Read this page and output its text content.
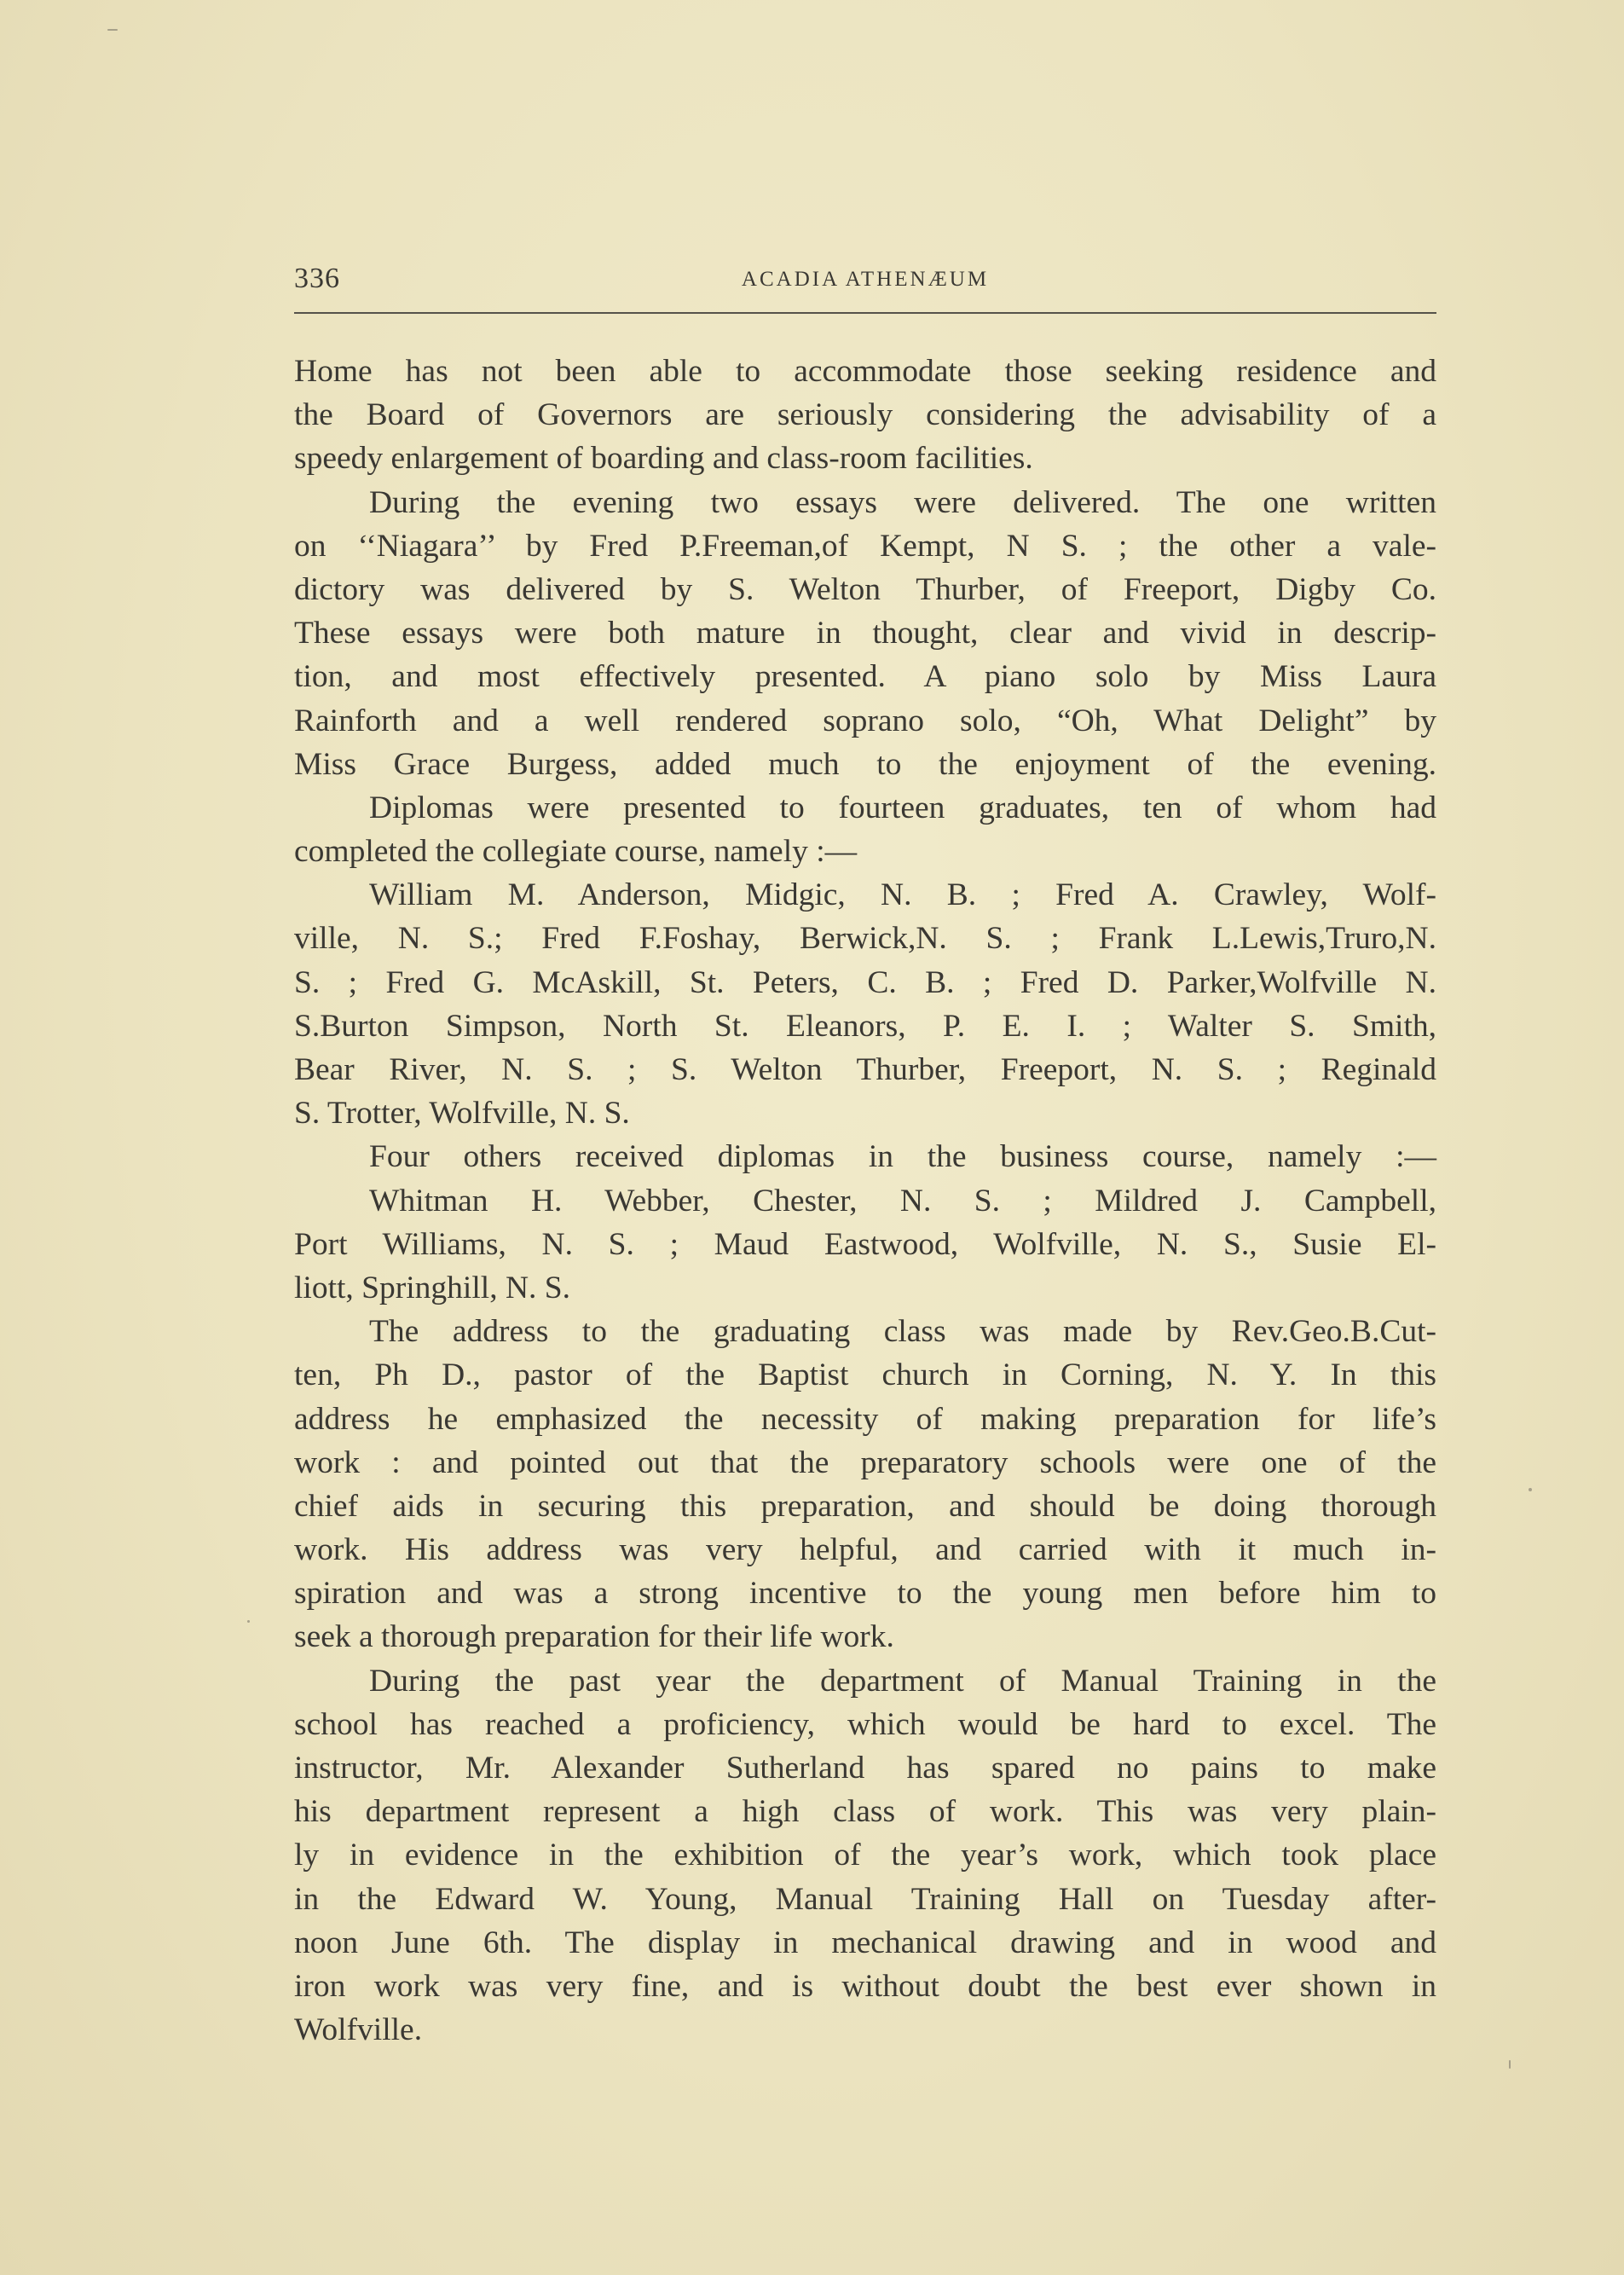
336	ACADIA ATHENÆUM
Home has not been able to accommodate those seeking residence and
the Board of Governors are seriously considering the advisability of a
speedy enlargement of boarding and class-room facilities.
During the evening two essays were delivered. The one written
on ‘‘Niagara’’ by Fred P.Freeman,of Kempt, N S. ; the other a vale-
dictory was delivered by S. Welton Thurber, of Freeport, Digby Co.
These essays were both mature in thought, clear and vivid in descrip-
tion, and most effectively presented. A piano solo by Miss Laura
Rainforth and a well rendered soprano solo, “Oh, What Delight” by
Miss Grace Burgess, added much to the enjoyment of the evening.
Diplomas were presented to fourteen graduates, ten of whom had
completed the collegiate course, namely :—
William M. Anderson, Midgic, N. B. ; Fred A. Crawley, Wolf-
ville, N. S.; Fred F.Foshay, Berwick,N. S. ; Frank L.Lewis,Truro,N.
S. ; Fred G. McAskill, St. Peters, C. B. ; Fred D. Parker,Wolfville N.
S.Burton Simpson, North St. Eleanors, P. E. I. ; Walter S. Smith,
Bear River, N. S. ; S. Welton Thurber, Freeport, N. S. ; Reginald
S. Trotter, Wolfville, N. S.
Four others received diplomas in the business course, namely :—
Whitman H. Webber, Chester, N. S. ; Mildred J. Campbell,
Port Williams, N. S. ; Maud Eastwood, Wolfville, N. S., Susie El-
liott, Springhill, N. S.
The address to the graduating class was made by Rev.Geo.B.Cut-
ten, Ph D., pastor of the Baptist church in Corning, N. Y. In this
address he emphasized the necessity of making preparation for life’s
work : and pointed out that the preparatory schools were one of the
chief aids in securing this preparation, and should be doing thorough
work. His address was very helpful, and carried with it much in-
spiration and was a strong incentive to the young men before him to
seek a thorough preparation for their life work.
During the past year the department of Manual Training in the
school has reached a proficiency, which would be hard to excel. The
instructor, Mr. Alexander Sutherland has spared no pains to make
his department represent a high class of work. This was very plain-
ly in evidence in the exhibition of the year’s work, which took place
in the Edward W. Young, Manual Training Hall on Tuesday after-
noon June 6th. The display in mechanical drawing and in wood and
iron work was very fine, and is without doubt the best ever shown in
Wolfville.
